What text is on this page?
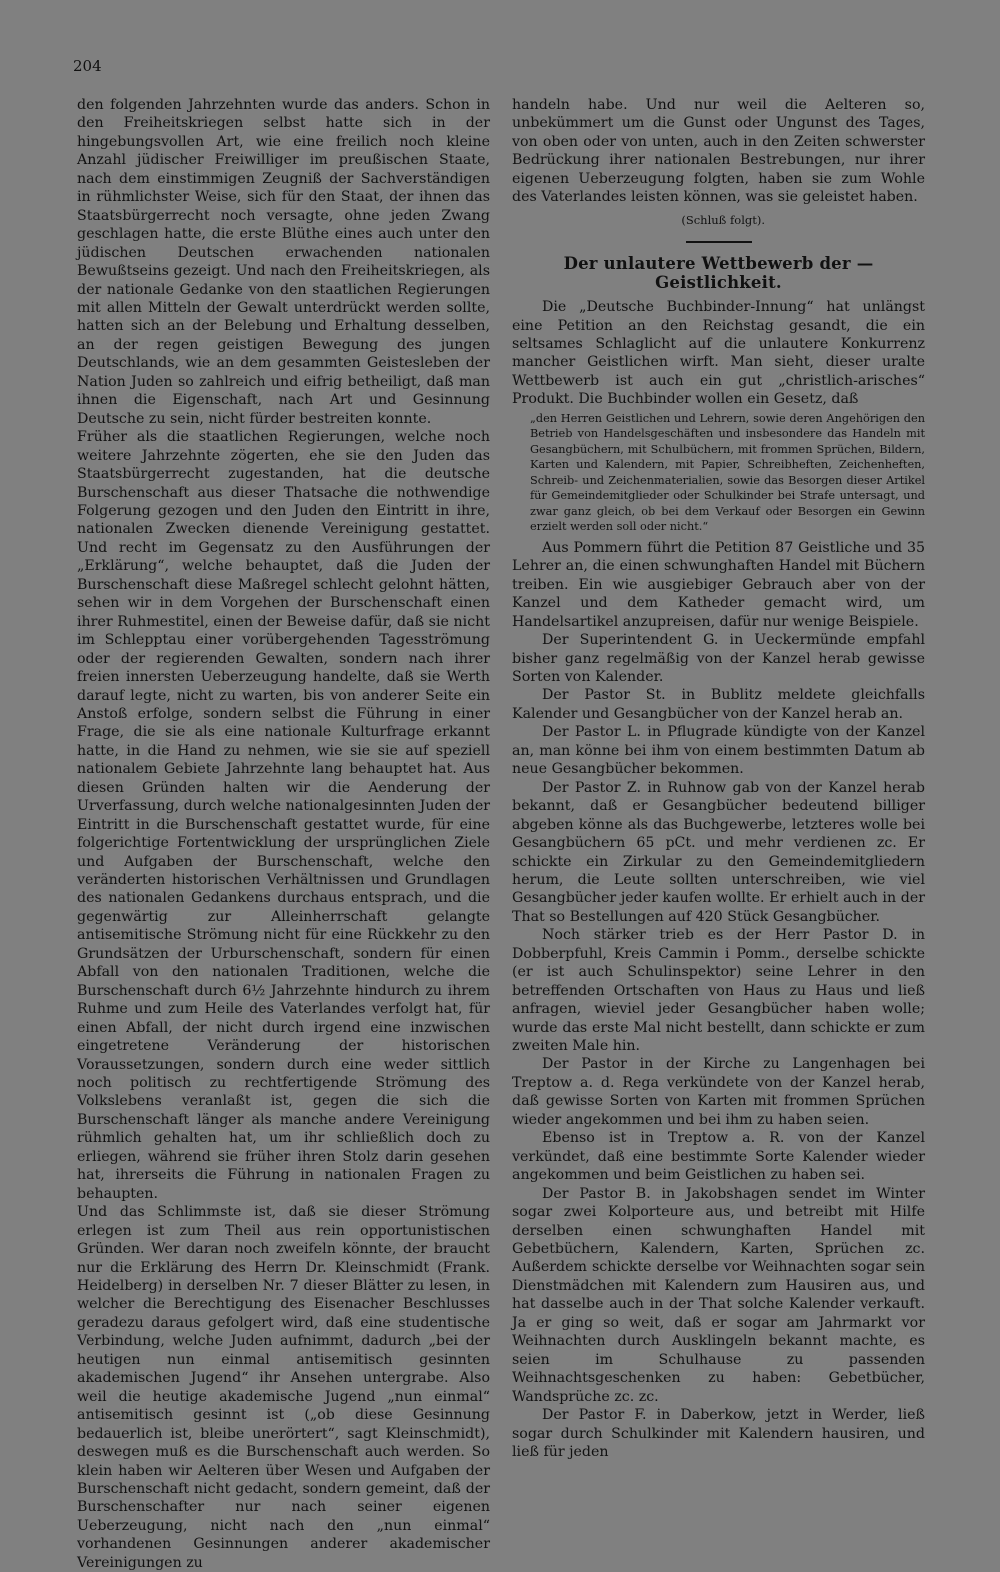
204

den folgenden Jahrzehnten wurde das anders. Schon in den Freiheitskriegen selbst hatte sich in der hingebungsvollen Art, wie eine freilich noch kleine Anzahl jüdischer Freiwilliger im preußischen Staate, nach dem einstimmigen Zeugniß der Sachverständigen in rühmlichster Weise, sich für den Staat, der ihnen das Staatsbürgerrecht noch versagte, ohne jeden Zwang geschlagen hatte, die erste Blüthe eines auch unter den jüdischen Deutschen erwachenden nationalen Bewußtseins gezeigt. Und nach den Freiheitskriegen, als der nationale Gedanke von den staatlichen Regierungen mit allen Mitteln der Gewalt unterdrückt werden sollte, hatten sich an der Belebung und Erhaltung desselben, an der regen geistigen Bewegung des jungen Deutschlands, wie an dem gesammten Geistesleben der Nation Juden so zahlreich und eifrig betheiligt, daß man ihnen die Eigenschaft, nach Art und Gesinnung Deutsche zu sein, nicht fürder bestreiten konnte.

Früher als die staatlichen Regierungen, welche noch weitere Jahrzehnte zögerten, ehe sie den Juden das Staatsbürgerrecht zugestanden, hat die deutsche Burschenschaft aus dieser Thatsache die nothwendige Folgerung gezogen und den Juden den Eintritt in ihre, nationalen Zwecken dienende Vereinigung gestattet. Und recht im Gegensatz zu den Ausführungen der „Erklärung“, welche behauptet, daß die Juden der Burschenschaft diese Maßregel schlecht gelohnt hätten, sehen wir in dem Vorgehen der Burschenschaft einen ihrer Ruhmestitel, einen der Beweise dafür, daß sie nicht im Schlepptau einer vorübergehenden Tagesströmung oder der regierenden Gewalten, sondern nach ihrer freien innersten Ueberzeugung handelte, daß sie Werth darauf legte, nicht zu warten, bis von anderer Seite ein Anstoß erfolge, sondern selbst die Führung in einer Frage, die sie als eine nationale Kulturfrage erkannt hatte, in die Hand zu nehmen, wie sie sie auf speziell nationalem Gebiete Jahrzehnte lang behauptet hat. Aus diesen Gründen halten wir die Aenderung der Urverfassung, durch welche nationalgesinnten Juden der Eintritt in die Burschenschaft gestattet wurde, für eine folgerichtige Fortentwicklung der ursprünglichen Ziele und Aufgaben der Burschenschaft, welche den veränderten historischen Verhältnissen und Grundlagen des nationalen Gedankens durchaus entsprach, und die gegenwärtig zur Alleinherrschaft gelangte antisemitische Strömung nicht für eine Rückkehr zu den Grundsätzen der Urburschenschaft, sondern für einen Abfall von den nationalen Traditionen, welche die Burschenschaft durch 6½ Jahrzehnte hindurch zu ihrem Ruhme und zum Heile des Vaterlandes verfolgt hat, für einen Abfall, der nicht durch irgend eine inzwischen eingetretene Veränderung der historischen Voraussetzungen, sondern durch eine weder sittlich noch politisch zu rechtfertigende Strömung des Volkslebens veranlaßt ist, gegen die sich die Burschenschaft länger als manche andere Vereinigung rühmlich gehalten hat, um ihr schließlich doch zu erliegen, während sie früher ihren Stolz darin gesehen hat, ihrerseits die Führung in nationalen Fragen zu behaupten.

Und das Schlimmste ist, daß sie dieser Strömung erlegen ist zum Theil aus rein opportunistischen Gründen. Wer daran noch zweifeln könnte, der braucht nur die Erklärung des Herrn Dr. Kleinschmidt (Frank. Heidelberg) in derselben Nr. 7 dieser Blätter zu lesen, in welcher die Berechtigung des Eisenacher Beschlusses geradezu daraus gefolgert wird, daß eine studentische Verbindung, welche Juden aufnimmt, dadurch „bei der heutigen nun einmal antisemitisch gesinnten akademischen Jugend“ ihr Ansehen untergrabe. Also weil die heutige akademische Jugend „nun einmal“ antisemitisch gesinnt ist („ob diese Gesinnung bedauerlich ist, bleibe unerörtert“, sagt Kleinschmidt), deswegen muß es die Burschenschaft auch werden. So klein haben wir Aelteren über Wesen und Aufgaben der Burschenschaft nicht gedacht, sondern gemeint, daß der Burschenschafter nur nach seiner eigenen Ueberzeugung, nicht nach den „nun einmal“ vorhandenen Gesinnungen anderer akademischer Vereinigungen zu

handeln habe. Und nur weil die Aelteren so, unbekümmert um die Gunst oder Ungunst des Tages, von oben oder von unten, auch in den Zeiten schwerster Bedrückung ihrer nationalen Bestrebungen, nur ihrer eigenen Ueberzeugung folgten, haben sie zum Wohle des Vaterlandes leisten können, was sie geleistet haben.

(Schluß folgt).

Der unlautere Wettbewerb der — Geistlichkeit.

Die „Deutsche Buchbinder-Innung“ hat unlängst eine Petition an den Reichstag gesandt, die ein seltsames Schlaglicht auf die unlautere Konkurrenz mancher Geistlichen wirft. Man sieht, dieser uralte Wettbewerb ist auch ein gut „christlich-arisches“ Produkt. Die Buchbinder wollen ein Gesetz, daß

„den Herren Geistlichen und Lehrern, sowie deren Angehörigen den Betrieb von Handelsgeschäften und insbesondere das Handeln mit Gesangbüchern, mit Schulbüchern, mit frommen Sprüchen, Bildern, Karten und Kalendern, mit Papier, Schreibheften, Zeichenheften, Schreib- und Zeichenmaterialien, sowie das Besorgen dieser Artikel für Gemeindemitglieder oder Schulkinder bei Strafe untersagt, und zwar ganz gleich, ob bei dem Verkauf oder Besorgen ein Gewinn erzielt werden soll oder nicht.“

Aus Pommern führt die Petition 87 Geistliche und 35 Lehrer an, die einen schwunghaften Handel mit Büchern treiben. Ein wie ausgiebiger Gebrauch aber von der Kanzel und dem Katheder gemacht wird, um Handelsartikel anzupreisen, dafür nur wenige Beispiele.

Der Superintendent G. in Ueckermünde empfahl bisher ganz regelmäßig von der Kanzel herab gewisse Sorten von Kalender.

Der Pastor St. in Bublitz meldete gleichfalls Kalender und Gesangbücher von der Kanzel herab an.

Der Pastor L. in Pflugrade kündigte von der Kanzel an, man könne bei ihm von einem bestimmten Datum ab neue Gesangbücher bekommen.

Der Pastor Z. in Ruhnow gab von der Kanzel herab bekannt, daß er Gesangbücher bedeutend billiger abgeben könne als das Buchgewerbe, letzteres wolle bei Gesangbüchern 65 pCt. und mehr verdienen zc. Er schickte ein Zirkular zu den Gemeindemitgliedern herum, die Leute sollten unterschreiben, wie viel Gesangbücher jeder kaufen wollte. Er erhielt auch in der That so Bestellungen auf 420 Stück Gesangbücher.

Noch stärker trieb es der Herr Pastor D. in Dobberpfuhl, Kreis Cammin i Pomm., derselbe schickte (er ist auch Schulinspektor) seine Lehrer in den betreffenden Ortschaften von Haus zu Haus und ließ anfragen, wieviel jeder Gesangbücher haben wolle; wurde das erste Mal nicht bestellt, dann schickte er zum zweiten Male hin.

Der Pastor in der Kirche zu Langenhagen bei Treptow a. d. Rega verkündete von der Kanzel herab, daß gewisse Sorten von Karten mit frommen Sprüchen wieder angekommen und bei ihm zu haben seien.

Ebenso ist in Treptow a. R. von der Kanzel verkündet, daß eine bestimmte Sorte Kalender wieder angekommen und beim Geistlichen zu haben sei.

Der Pastor B. in Jakobshagen sendet im Winter sogar zwei Kolporteure aus, und betreibt mit Hilfe derselben einen schwunghaften Handel mit Gebetbüchern, Kalendern, Karten, Sprüchen zc. Außerdem schickte derselbe vor Weihnachten sogar sein Dienstmädchen mit Kalendern zum Hausiren aus, und hat dasselbe auch in der That solche Kalender verkauft. Ja er ging so weit, daß er sogar am Jahrmarkt vor Weihnachten durch Ausklingeln bekannt machte, es seien im Schulhause zu passenden Weihnachtsgeschenken zu haben: Gebetbücher, Wandsprüche zc. zc.

Der Pastor F. in Daberkow, jetzt in Werder, ließ sogar durch Schulkinder mit Kalendern hausiren, und ließ für jeden
